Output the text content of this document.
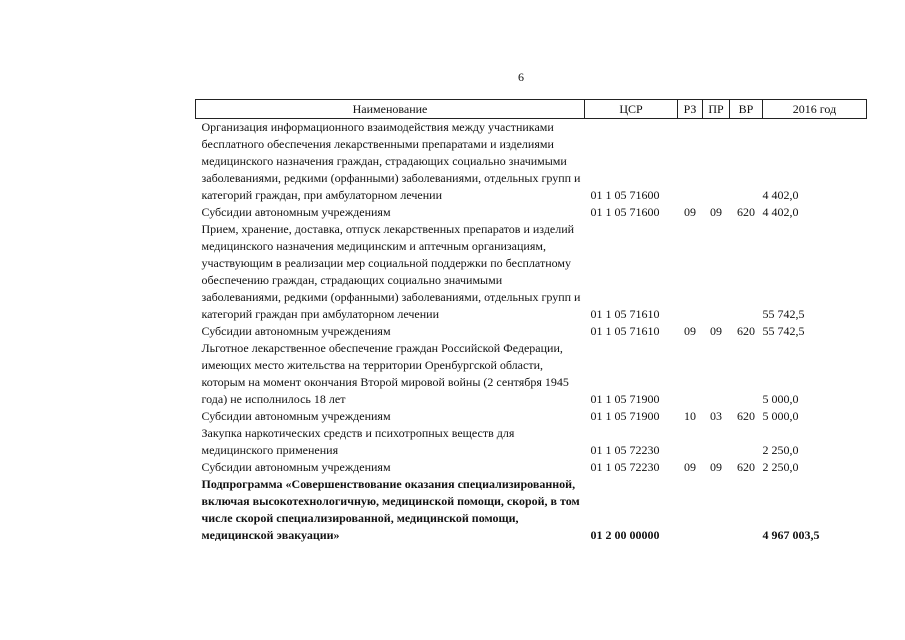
6
Наименование	ЦСР	РЗ	ПР	ВР	2016 год
Организация информационного взаимодействия между участниками бесплатного обеспечения лекарственными препаратами и изделиями медицинского назначения граждан, страдающих социально значимыми заболеваниями, редкими (орфанными) заболеваниями, отдельных групп и категорий граждан, при амбулаторном лечении	01 1 05 71600				4 402,0
Субсидии автономным учреждениям	01 1 05 71600	09	09	620	4 402,0
Прием, хранение, доставка, отпуск лекарственных препаратов и изделий медицинского назначения медицинским и аптечным организациям, участвующим в реализации мер социальной поддержки по бесплатному обеспечению граждан, страдающих социально значимыми заболеваниями, редкими (орфанными) заболеваниями, отдельных групп и категорий граждан при амбулаторном лечении	01 1 05 71610				55 742,5
Субсидии автономным учреждениям	01 1 05 71610	09	09	620	55 742,5
Льготное лекарственное обеспечение граждан Российской Федерации, имеющих место жительства на территории Оренбургской области, которым на момент окончания Второй мировой войны (2 сентября 1945 года) не исполнилось 18 лет	01 1 05 71900				5 000,0
Субсидии автономным учреждениям	01 1 05 71900	10	03	620	5 000,0
Закупка наркотических средств и психотропных веществ для медицинского применения	01 1 05 72230				2 250,0
Субсидии автономным учреждениям	01 1 05 72230	09	09	620	2 250,0
Подпрограмма «Совершенствование оказания специализированной, включая высокотехнологичную, медицинской помощи, скорой, в том числе скорой специализированной, медицинской помощи, медицинской эвакуации»	01 2 00 00000				4 967 003,5
